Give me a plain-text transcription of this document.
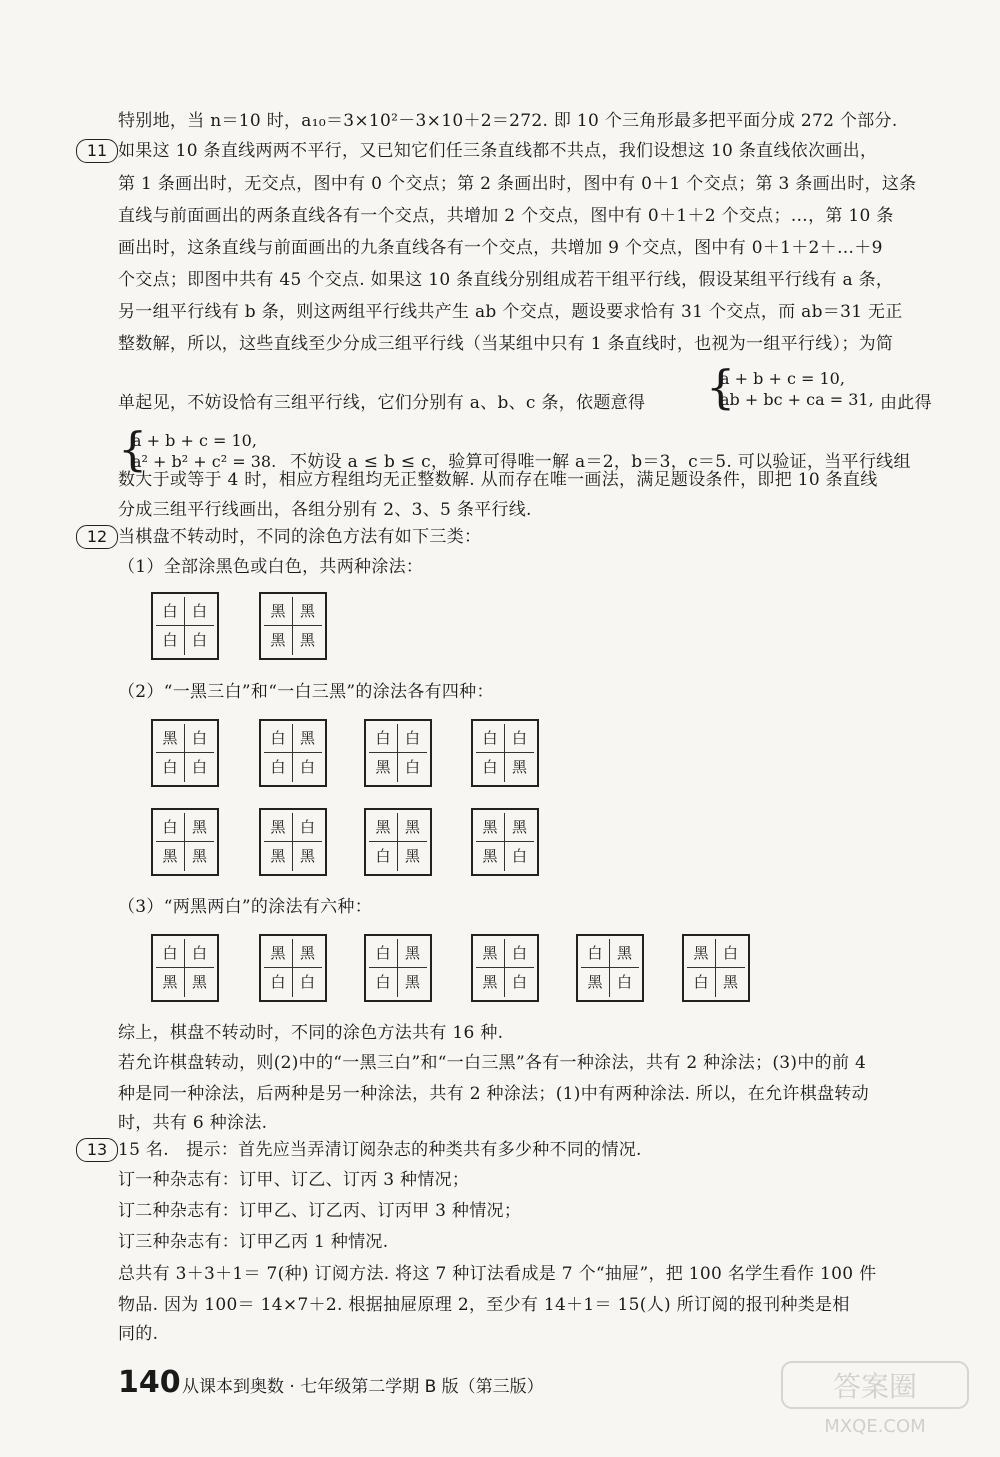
特别地，当 n＝10 时，a₁₀＝3×10²－3×10＋2＝272. 即 10 个三角形最多把平面分成 272 个部分.
11 如果这 10 条直线两两不平行，又已知它们任三条直线都不共点，我们设想这 10 条直线依次画出，
第 1 条画出时，无交点，图中有 0 个交点；第 2 条画出时，图中有 0＋1 个交点；第 3 条画出时，这条
直线与前面画出的两条直线各有一个交点，共增加 2 个交点，图中有 0＋1＋2 个交点；…，第 10 条
画出时，这条直线与前面画出的九条直线各有一个交点，共增加 9 个交点，图中有 0＋1＋2＋…＋9
个交点；即图中共有 45 个交点. 如果这 10 条直线分别组成若干组平行线，假设某组平行线有 a 条，
另一组平行线有 b 条，则这两组平行线共产生 ab 个交点，题设要求恰有 31 个交点，而 ab＝31 无正
整数解，所以，这些直线至少分成三组平行线（当某组中只有 1 条直线时，也视为一组平行线）；为简
单起见，不妨设恰有三组平行线，它们分别有 a、b、c 条，依题意得 {
a + b + c = 10,
ab + bc + ca = 31, 由此得
{
a + b + c = 10,
a² + b² + c² = 38. 不妨设 a ≤ b ≤ c，验算可得唯一解 a＝2，b＝3，c＝5. 可以验证，当平行线组
数大于或等于 4 时，相应方程组均无正整数解. 从而存在唯一画法，满足题设条件，即把 10 条直线
分成三组平行线画出，各组分别有 2、3、5 条平行线.
12 当棋盘不转动时，不同的涂色方法有如下三类：
（1）全部涂黑色或白色，共两种涂法：
白 白
白 白
黑 黑
黑 黑
（2）“一黑三白”和“一白三黑”的涂法各有四种：
黑 白
白 白
白 黑
白 白
白 白
黑 白
白 白
白 黑
白 黑
黑 黑
黑 白
黑 黑
黑 黑
白 黑
黑 黑
黑 白
（3）“两黑两白”的涂法有六种：
白 白
黑 黑
黑 黑
白 白
白 黑
白 黑
黑 白
黑 白
白 黑
黑 白
黑 白
白 黑
综上，棋盘不转动时，不同的涂色方法共有 16 种.
若允许棋盘转动，则(2)中的“一黑三白”和“一白三黑”各有一种涂法，共有 2 种涂法；(3)中的前 4
种是同一种涂法，后两种是另一种涂法，共有 2 种涂法；(1)中有两种涂法. 所以，在允许棋盘转动
时，共有 6 种涂法.
13 15 名.　提示：首先应当弄清订阅杂志的种类共有多少种不同的情况.
订一种杂志有：订甲、订乙、订丙 3 种情况；
订二种杂志有：订甲乙、订乙丙、订丙甲 3 种情况；
订三种杂志有：订甲乙丙 1 种情况.
总共有 3＋3＋1＝ 7(种) 订阅方法. 将这 7 种订法看成是 7 个“抽屉”，把 100 名学生看作 100 件
物品. 因为 100＝ 14×7＋2. 根据抽屉原理 2，至少有 14＋1＝ 15(人) 所订阅的报刊种类是相
同的.
140 从课本到奥数 · 七年级第二学期 B 版（第三版）	答案圈
MXQE.COM
